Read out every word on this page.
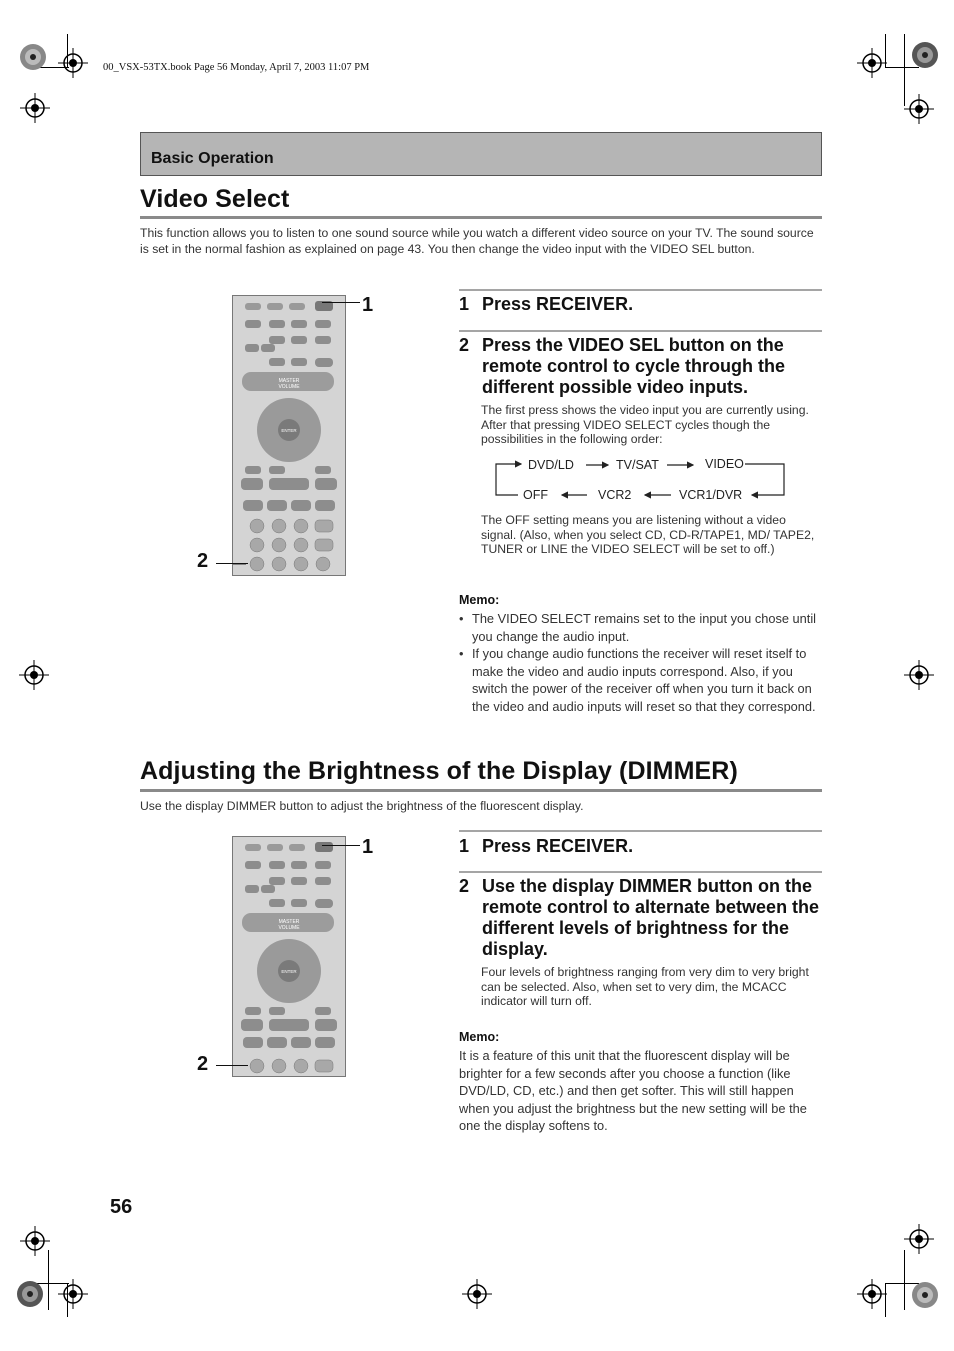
00_VSX-53TX.book Page 56 Monday, April 7, 2003 11:07 PM
Basic Operation
Video Select
This function allows you to listen to one sound source while you watch a different video source on your TV. The sound source is set in the normal fashion as explained on page 43. You then change the video input with the VIDEO SEL button.
MASTER
VOLUME
ENTER
1
2
1 Press RECEIVER.
2 Press the VIDEO SEL button on the remote control to cycle through the different possible video inputs.
The first press shows the video input you are currently using. After that pressing VIDEO SELECT cycles though the possibilities in the following order:
DVD/LD	TV/SAT	VIDEO
VCR1/DVR
VCR2
OFF
The OFF setting means you are listening without a video signal. (Also, when you select CD, CD-R/TAPE1, MD/ TAPE2, TUNER or LINE the VIDEO SELECT will be set to off.)
Memo:
• The VIDEO SELECT remains set to the input you chose until you change the audio input.
• If you change audio functions the receiver will reset itself to make the video and audio inputs correspond. Also, if you switch the power of the receiver off when you turn it back on the video and audio inputs will reset so that they correspond.
Adjusting the Brightness of the Display (DIMMER)
Use the display DIMMER button to adjust the brightness of the fluorescent display.
MASTER
VOLUME
ENTER
1
2
1 Press RECEIVER.
2 Use the display DIMMER button on the remote control to alternate between the different levels of brightness for the display.
Four levels of brightness ranging from very dim to very bright can be selected. Also, when set to very dim, the MCACC indicator will turn off.
Memo:
It is a feature of this unit that the fluorescent display will be brighter for a few seconds after you choose a function (like DVD/LD, CD, etc.) and then get softer. This will still happen when you adjust the brightness but the new setting will be the one the display softens to.
56
